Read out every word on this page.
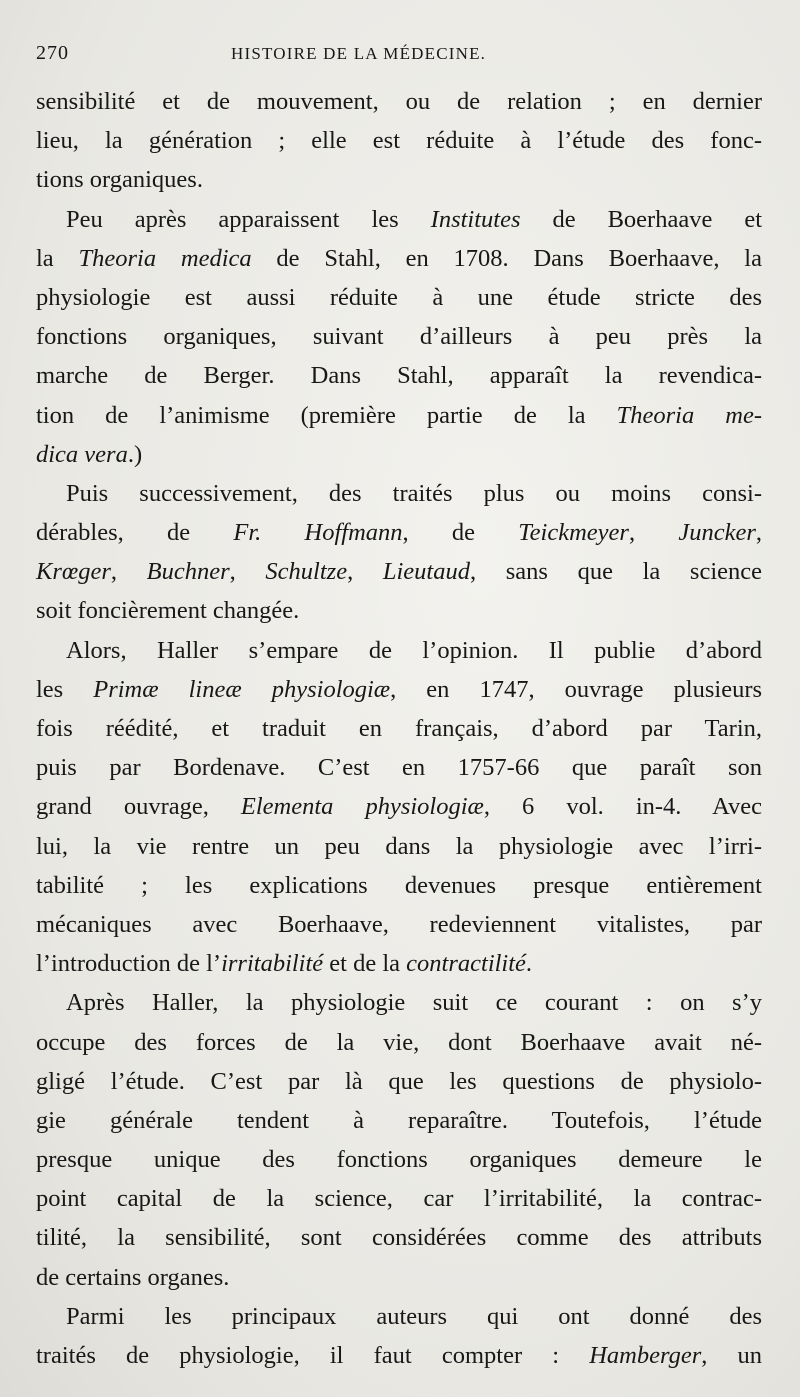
270	HISTOIRE DE LA MÉDECINE.
sensibilité et de mouvement, ou de relation ; en dernier
lieu, la génération ; elle est réduite à l’étude des fonc-
tions organiques.
Peu après apparaissent les Institutes de Boerhaave et
la Theoria medica de Stahl, en 1708. Dans Boerhaave, la
physiologie est aussi réduite à une étude stricte des
fonctions organiques, suivant d’ailleurs à peu près la
marche de Berger. Dans Stahl, apparaît la revendica-
tion de l’animisme (première partie de la Theoria me-
dica vera.)
Puis successivement, des traités plus ou moins consi-
dérables, de Fr. Hoffmann, de Teickmeyer, Juncker,
Krœger, Buchner, Schultze, Lieutaud, sans que la science
soit foncièrement changée.
Alors, Haller s’empare de l’opinion. Il publie d’abord
les Primæ lineæ physiologiæ, en 1747, ouvrage plusieurs
fois réédité, et traduit en français, d’abord par Tarin,
puis par Bordenave. C’est en 1757-66 que paraît son
grand ouvrage, Elementa physiologiæ, 6 vol. in-4. Avec
lui, la vie rentre un peu dans la physiologie avec l’irri-
tabilité ; les explications devenues presque entièrement
mécaniques avec Boerhaave, redeviennent vitalistes, par
l’introduction de l’irritabilité et de la contractilité.
Après Haller, la physiologie suit ce courant : on s’y
occupe des forces de la vie, dont Boerhaave avait né-
gligé l’étude. C’est par là que les questions de physiolo-
gie générale tendent à reparaître. Toutefois, l’étude
presque unique des fonctions organiques demeure le
point capital de la science, car l’irritabilité, la contrac-
tilité, la sensibilité, sont considérées comme des attributs
de certains organes.
Parmi les principaux auteurs qui ont donné des
traités de physiologie, il faut compter : Hamberger, un
